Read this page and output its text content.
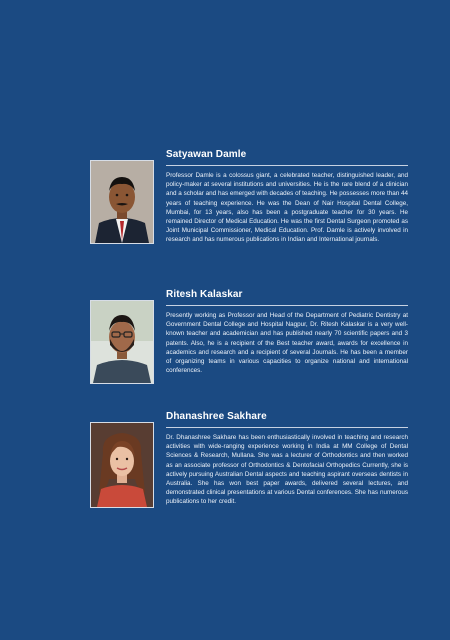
Satyawan Damle

Professor Damle is a colossus giant, a celebrated teacher, distinguished leader, and policy-maker at several institutions and universities. He is the rare blend of a clinician and a scholar and has emerged with decades of teaching. He possesses more than 44 years of teaching experience. He was the Dean of Nair Hospital Dental College, Mumbai, for 13 years, also has been a postgraduate teacher for 30 years. He remained Director of Medical Education. He was the first Dental Surgeon promoted as Joint Municipal Commissioner, Medical Education. Prof. Damle is actively involved in research and has numerous publications in Indian and International journals.

Ritesh Kalaskar

Presently working as Professor and Head of the Department of Pediatric Dentistry at Government Dental College and Hospital Nagpur, Dr. Ritesh Kalaskar is a very well-known teacher and academician and has published nearly 70 scientific papers and 3 patents. Also, he is a recipient of the Best teacher award, awards for excellence in academics and research and a recipient of several Journals. He has been a member of organizing teams in various capacities to organize national and international conferences.

Dhanashree Sakhare

Dr. Dhanashree Sakhare has been enthusiastically involved in teaching and research activities with wide-ranging experience working in India at MM College of Dental Sciences & Research, Mullana. She was a lecturer of Orthodontics and then worked as an associate professor of Orthodontics & Dentofacial Orthopedics Currently, she is actively pursuing Australian Dental aspects and teaching aspirant overseas dentists in Australia. She has won best paper awards, delivered several lectures, and demonstrated clinical presentations at various Dental conferences. She has numerous publications to her credit.
